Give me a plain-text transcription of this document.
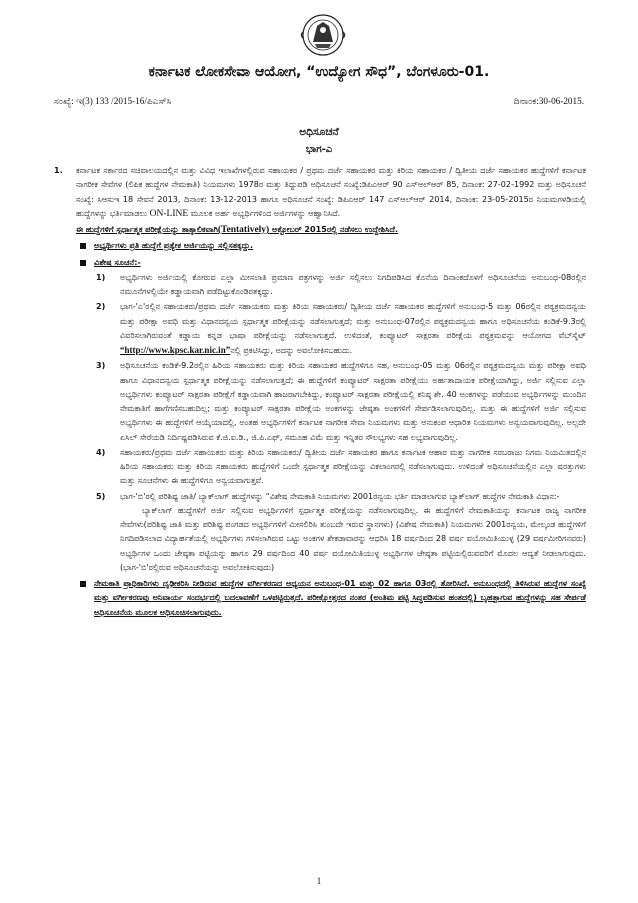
ಕರ್ನಾಟಕ ಲೋಕಸೇವಾ ಆಯೋಗ, “ಉದ್ಯೋಗ ಸೌಧ”, ಬೆಂಗಳೂರು-01.
ಸಂಖ್ಯೆ: ಇ(3) 133 /2015-16/ಪಿಎಸ್‌ಸಿ	ದಿನಾಂಕ:30-06-2015.
ಅಧಿಸೂಚನೆ
ಭಾಗ-ಎ
1. ಕರ್ನಾಟಕ ಸರ್ಕಾರದ ಸಚಿವಾಲಯದಲ್ಲಿನ ಮತ್ತು ವಿವಿಧ ಇಲಾಖೆಗಳಲ್ಲಿರುವ ಸಹಾಯಕರ / ಪ್ರಥಮ ದರ್ಜೆ ಸಹಾಯಕರ ಮತ್ತು ಕಿರಿಯ ಸಹಾಯಕರ / ದ್ವಿತೀಯ ದರ್ಜೆ ಸಹಾಯಕರ ಹುದ್ದೆಗಳಿಗೆ ಕರ್ನಾಟಕ ನಾಗರೀಕ ಸೇವೆಗಳ (ಲಿಪಿಕ ಹುದ್ದೆಗಳ ನೇಮಕಾತಿ) ನಿಯಮಗಳು 1978ರ ಮತ್ತು ತಿದ್ದುಪಡಿ ಅಧಿಸೂಚನೆ ಸಂಖ್ಯೆ:ಡಿಪಿಎಆರ್ 90 ಎಸ್‌ಆಲ್ಆರ್ 85, ದಿನಾಂಕ: 27-02-1992 ಮತ್ತು ಅಧಿಸೂಚನೆ ಸಂಖ್ಯೆ: ಸಿಆಸುಇ 18 ಸೇವನೆ 2013, ದಿನಾಂಕ: 13-12-2013 ಹಾಗೂ ಅಧಿಸೂಚನೆ ಸಂಖ್ಯೆ: ಡಿಪಿಎಆರ್ 147 ಎಸ್‌ಆಲ್ಆರ್ 2014, ದಿನಾಂಕ: 23-05-2015ರ ನಿಯಮಗಳಡಿಯಲ್ಲಿ ಹುದ್ದೆಗಳನ್ನು ಭರ್ತಿಮಾಡಲು ON-LINE ಮೂಲಕ ಅರ್ಹ ಅಭ್ಯರ್ಥಿಗಳಿಂದ ಅರ್ಜಿಗಳನ್ನು ಆಹ್ವಾನಿಸಿದೆ.
ಈ ಹುದ್ದೆಗಳಿಗೆ ಸ್ಪರ್ಧಾತ್ಮಕ ಪರೀಕ್ಷೆಯನ್ನು ತಾತ್ಕಾಲಿಕವಾಗಿ(Tentatively) ಅಕ್ಟೋಬರ್ 2015ರಲ್ಲಿ ನಡೆಸಲು ಉದ್ದೇಶಿಸಿದೆ.
ಅಭ್ಯರ್ಥಿಗಳು ಪ್ರತಿ ಹುದ್ದೆಗೆ ಪ್ರತ್ಯೇಕ ಅರ್ಜಿಯನ್ನು ಸಲ್ಲಿಸತಕ್ಕದ್ದು.
ವಿಶೇಷ ಸೂಚನೆ:-
1) ಅಭ್ಯರ್ಥಿಗಳು ಅರ್ಜಿಯಲ್ಲಿ ಕೋರುವ ಎಲ್ಲಾ ಮೀಸಲಾತಿ ಪ್ರಮಾಣ ಪತ್ರಗಳನ್ನು ಅರ್ಜಿ ಸಲ್ಲಿಸಲು ನಿಗದಿಪಡಿಸಿದ ಕೊನೆಯ ದಿನಾಂಕದೊಳಗೆ ಅಧಿಸೂಚನೆಯ ಅನುಬಂಧ-08ರಲ್ಲಿನ ನಮೂನೆಗಳಲ್ಲಿಯೇ ಕಡ್ಡಾಯವಾಗಿ ಪಡೆದಿಟ್ಟುಕೊಂಡಿರತಕ್ಕದ್ದು.
2) ಭಾಗ-'ಎ'ರಲ್ಲಿನ ಸಹಾಯಕರು/ಪ್ರಥಮ ದರ್ಜೆ ಸಹಾಯಕರು ಮತ್ತು ಕಿರಿಯ ಸಹಾಯಕರು/ ದ್ವಿತೀಯ ದರ್ಜೆ ಸಹಾಯಕರ ಹುದ್ದೆಗಳಿಗೆ ಅನುಬಂಧ-5 ಮತ್ತು 06ರಲ್ಲಿನ ಪಠ್ಯಕ್ರಮದನ್ವಯ ಮತ್ತು ಪರೀಕ್ಷಾ ಅವಧಿ ಮತ್ತು ವಿಧಾನದನ್ವಯ ಸ್ಪರ್ಧಾತ್ಮಕ ಪರೀಕ್ಷೆಯನ್ನು ನಡೆಸಲಾಗುತ್ತದೆ; ಮತ್ತು ಅನುಬಂಧ-07ರಲ್ಲಿನ ಪಠ್ಯಕ್ರಮದನ್ವಯ ಹಾಗೂ ಅಧಿಸೂಚನೆಯ ಕಂಡಿಕೆ-9.3ರಲ್ಲಿ ವಿವರಿಸಲಾಗಿರುವಂತೆ ಕಡ್ಡಾಯ ಕನ್ನಡ ಭಾಷಾ ಪರೀಕ್ಷೆಯನ್ನು ನಡೆಸಲಾಗುತ್ತದೆ. ಉಳಿದಂತೆ, ಕಂಪ್ಯೂಟರ್ ಸಾಕ್ಷರತಾ ಪರೀಕ್ಷೆಯ ಪಠ್ಯಕ್ರಮವನ್ನು ಆಯೋಗದ ವೆಬ್‌ಸೈಟ್ “http://www.kpsc.kar.nic.in”ನಲ್ಲಿ ಪ್ರಕಟಿಸಿದ್ದು, ಅದನ್ನು ಅವಲೋಕಿಸಬಹುದು.
3) ಅಧಿಸೂಚನೆಯ ಕಂಡಿಕೆ-9.2ರಲ್ಲಿನ ಹಿರಿಯ ಸಹಾಯಕರು ಮತ್ತು ಕಿರಿಯ ಸಹಾಯಕರ ಹುದ್ದೆಗಳಿಗೂ ಸಹ, ಅನುಬಂಧ-05 ಮತ್ತು 06ರಲ್ಲಿನ ಪಠ್ಯಕ್ರಮದನ್ವಯ ಮತ್ತು ಪರೀಕ್ಷಾ ಅವಧಿ ಹಾಗೂ ವಿಧಾನದನ್ವಯ ಸ್ಪರ್ಧಾತ್ಮಕ ಪರೀಕ್ಷೆಯನ್ನು ನಡೆಸಲಾಗುತ್ತದೆ; ಈ ಹುದ್ದೆಗಳಿಗೆ ಕಂಪ್ಯೂಟರ್ ಸಾಕ್ಷರತಾ ಪರೀಕ್ಷೆಯು ಅರ್ಹತಾದಾಯಕ ಪರೀಕ್ಷೆಯಾಗಿದ್ದು, ಅರ್ಜಿ ಸಲ್ಲಿಸುವ ಎಲ್ಲಾ ಅಭ್ಯರ್ಥಿಗಳು ಕಂಪ್ಯೂಟರ್ ಸಾಕ್ಷರತಾ ಪರೀಕ್ಷೆಗೆ ಕಡ್ಡಾಯವಾಗಿ ಹಾಜರಾಗಬೇಕಿದ್ದು, ಕಂಪ್ಯೂಟರ್ ಸಾಕ್ಷರತಾ ಪರೀಕ್ಷೆಯಲ್ಲಿ ಕನಿಷ್ಠ ಶೇ. 40 ಅಂಕಗಳನ್ನು ಪಡೆಯುವ ಅಭ್ಯರ್ಥಿಗಳನ್ನು ಮುಂದಿನ ನೇಮಕಾತಿಗೆ ಹಾಗೆಗಣಿಸಬಹುದಿಲ್ಲ; ಮತ್ತು ಕಂಪ್ಯೂಟರ್ ಸಾಕ್ಷರತಾ ಪರೀಕ್ಷೆಯ ಅಂಕಗಳನ್ನು ಜೇಷ್ಠತಾ ಅಂಕಗಳಿಗೆ ಸೇರ್ಪಡಿಸಲಾಗುವುದಿಲ್ಲ. ಮತ್ತು ಈ ಹುದ್ದೆಗಳಿಗೆ ಅರ್ಜಿ ಸಲ್ಲಿಸುವ ಅಭ್ಯರ್ಥಿಗಳು ಈ ಹುದ್ದೆಗಳಿಗೆ ಆಯ್ಕೆಯಾದಲ್ಲಿ, ಅಂತಹ ಅಭ್ಯರ್ಥಿಗಳಿಗೆ ಕರ್ನಾಟಕ ನಾಗರೀಕ ಸೇವಾ ನಿಯಮಗಳು ಮತ್ತು ಅನುಕಂಪ ಆಧಾರಿತ ನಿಯಮಗಳು ಅನ್ವಯವಾಗುವುದಿಲ್ಲ. ಅಲ್ಲದೇ ಏಸಿಲ್ ಸೇರೆಯಡಿ ನಿರ್ದಿಷ್ಟಪಡಿಸಿರುವ ಕೆ.ಜಿ.ಐ.ಡಿ., ಜಿ.ಪಿ.ಎಫ್, ಸಮೂಹ ವಿಮೆ ಮತ್ತು ಇನ್ನಿತರ ಸೌಲಭ್ಯಗಳು ಸಹ ಲಭ್ಯವಾಗುವುದಿಲ್ಲ.
4) ಸಹಾಯಕರು/ಪ್ರಥಮ ದರ್ಜೆ ಸಹಾಯಕರು ಮತ್ತು ಕಿರಿಯ ಸಹಾಯಕರು/ ದ್ವಿತೀಯ ದರ್ಜೆ ಸಹಾಯಕರ ಹಾಗೂ ಕರ್ನಾಟಕ ಆಹಾರ ಮತ್ತು ನಾಗರೀಕ ಸರಬರಾಜು ನಿಗಮ ನಿಯಮಿತದಲ್ಲಿನ ಹಿರಿಯ ಸಹಾಯಕರು ಮತ್ತು ಕಿರಿಯ ಸಹಾಯಕರು ಹುದ್ದೆಗಳಿಗೆ ಒಂದೇ ಸ್ಪರ್ಧಾತ್ಮಕ ಪರೀಕ್ಷೆಯನ್ನು ವಿಕಲಾಂಗರಲ್ಲಿ ನಡೆಸಲಾಗುವುದು. ಉಳಿದಂತೆ ಅಧಿಸೂಚನೆಯಲ್ಲಿನ ಎಲ್ಲಾ ಷರತ್ತುಗಳು ಮತ್ತು ಸೂಚನೆಗಳು ಈ ಹುದ್ದೆಗಳಿಗೂ ಅನ್ವಯವಾಗುತ್ತವೆ.
5) ಭಾಗ-'ಬಿ'ರಲ್ಲಿ ಪರಿಶಿಷ್ಟ ಜಾತಿ/ ಬ್ಯಾಕ್‌ಲಾಗ್ ಹುದ್ದೆಗಳನ್ನು “ವಿಶೇಷ ನೇಮಕಾತಿ ನಿಯಮಗಳು 2001ರನ್ವಯ ಭರ್ತಿ ಮಾಡಲಾಗುವ ಬ್ಯಾಕ್‌ಲಾಗ್ ಹುದ್ದೆಗಳ ನೇಮಕಾತಿ ವಿಧಾನ:-
ಬ್ಯಾಕ್‌ಲಾಗ್ ಹುದ್ದೆಗಳಿಗೆ ಅರ್ಜಿ ಸಲ್ಲಿಸುವ ಅಭ್ಯರ್ಥಿಗಳಿಗೆ ಸ್ಪರ್ಧಾತ್ಮಕ ಪರೀಕ್ಷೆಯನ್ನು ನಡೆಸಲಾಗುವುದಿಲ್ಲ. ಈ ಹುದ್ದೆಗಳಿಗೆ ನೇಮಕಾತಿಯನ್ನು ಕರ್ನಾಟಕ ರಾಜ್ಯ ನಾಗರೀಕ ಸೇವೆಗಳು(ಪರಿಶಿಷ್ಟ ಜಾತಿ ಮತ್ತು ಪರಿಶಿಷ್ಟ ಪಂಗಡದ ಅಭ್ಯರ್ಥಿಗಳಿಗೆ ಮೀಸಲಿರಿಸಿ ತುಂಬದೇ ಇರುವ ಸ್ಥಾನಗಳು) (ವಿಶೇಷ ನೇಮಕಾತಿ) ನಿಯಮಗಳು 2001ರನ್ವಯ, ಮೇಲ್ಕಂಡ ಹುದ್ದೆಗಳಿಗೆ ನಿಗದಿಪಡಿಸಲಾದ ವಿದ್ಯಾರ್ಹತೆಯಲ್ಲಿ ಅಭ್ಯರ್ಥಿಗಳು ಗಳಿಸಲಾಗಿರುವ ಒಟ್ಟು ಅಂಕಗಳ ಶೇಕಡಾವಾರನ್ನು ಆಧರಿಸಿ 18 ವರ್ಷದಿಂದ 28 ವರ್ಷ ವಯೋಮಿತಿಯುಳ್ಳ (29 ವರ್ಷಮೀರಿಗನವರು) ಅಭ್ಯರ್ಥಿಗಳ ಒಂದು ಜೇಷ್ಠತಾ ಪಟ್ಟಿಯನ್ನು ಹಾಗೂ 29 ವರ್ಷದಿಂದ 40 ವರ್ಷ ವಯೋಮಿತಿಯುಳ್ಳ ಅಭ್ಯರ್ಥಿಗಳ ಜೇಷ್ಠತಾ ಪಟ್ಟಿಯಲ್ಲಿರುವವರಿಗೆ ಮೊದಲ ಆದ್ಯತೆ ನೀಡಲಾಗುವುದು. (ಭಾಗ-'ಬಿ'ರಲ್ಲಿರುವ ಅಧಿಸೂಚನೆಯನ್ನು ಅವಲೋಕಿಸುವುದು)
ನೇಮಕಾತಿ ಪ್ರಾಧಿಕಾರಿಗಳು ದೃಢೀಕರಿಸಿ ನೀಡಿರುವ ಹುದ್ದೆಗಳ ವರ್ಗೀಕರಣದ ಅಧ್ಯಯನ ಅನುಬಂಧ-01 ಮತ್ತು 02 ಹಾಗೂ 03ರಲ್ಲಿ ತೋರಿಸಿದೆ. ಅನುಬಂಧದಲ್ಲಿ ತಿಳಿಸಿರುವ ಹುದ್ದೆಗಳ ಸಂಖ್ಯೆ ಮತ್ತು ವರ್ಗೀಕರಣವು ಅನಿವಾರ್ಯ ಸಂದರ್ಭದಲ್ಲಿ ಬದಲಾವಣೆಗೆ ಒಳಪಟ್ಟಿರುತ್ತದೆ. ಪರೀಕ್ಷೋತ್ತರದ ನಂತರ (ಅಂತಿಮ ಪಟ್ಟಿ ಸಿದ್ಧಪಡಿಸುವ ಹಂತದಲ್ಲಿ) ಬೃಹತ್ತಾಗುವ ಹುದ್ದೆಗಳನ್ನು ಸಹ ಸೇರ್ಪಡೆ ಅಧಿಸೂಚನೆಯ ಮೂಲಕ ಅಧಿಸೂಚಿಸಲಾಗುವುದು.
1
